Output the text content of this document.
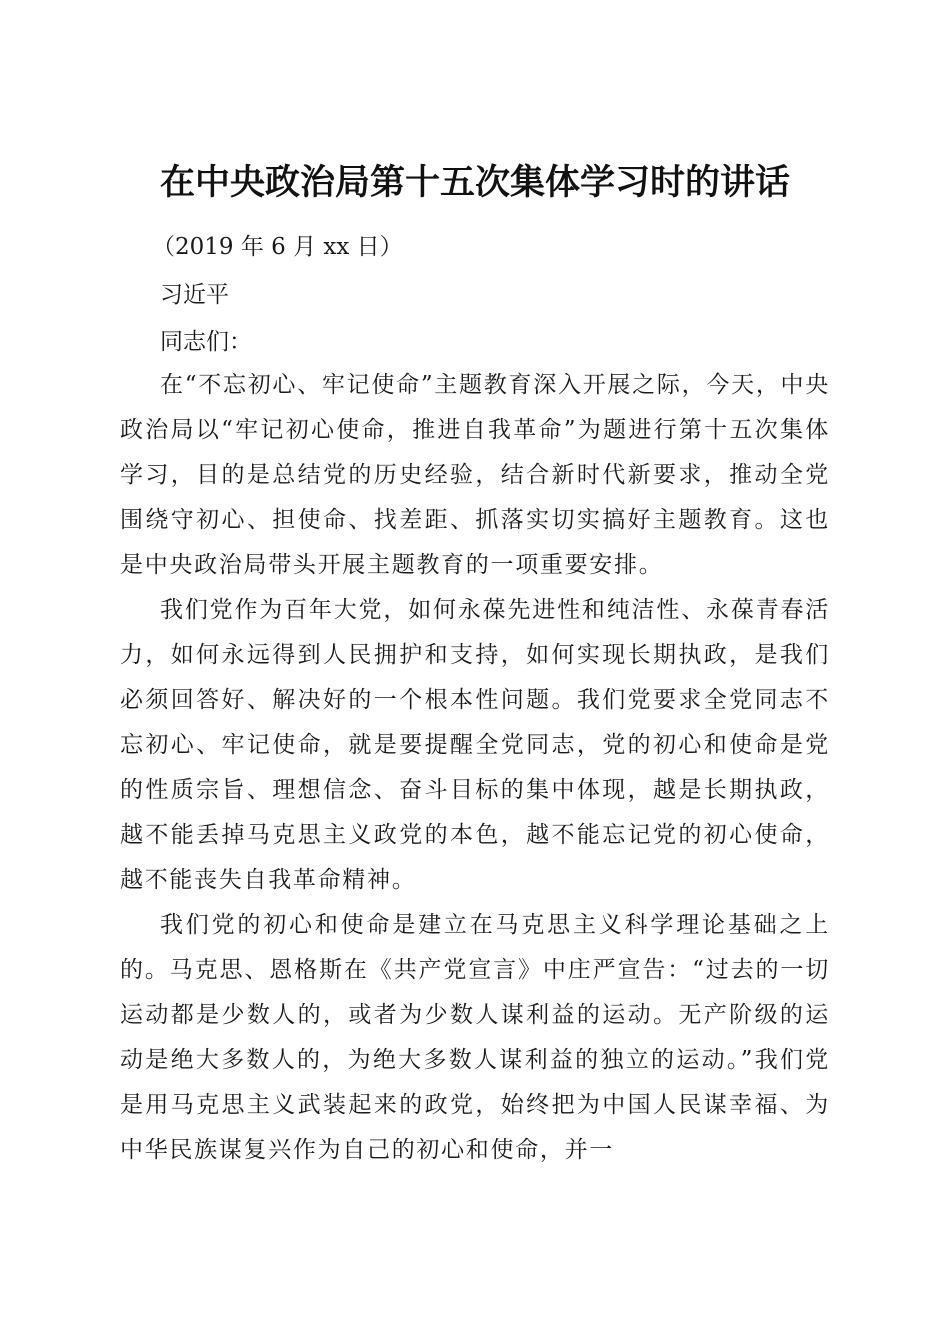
在中央政治局第十五次集体学习时的讲话
（2019 年 6 月 xx 日）
习近平
同志们：

在“不忘初心、牢记使命”主题教育深入开展之际，今天，中央政治局以“牢记初心使命，推进自我革命”为题进行第十五次集体学习，目的是总结党的历史经验，结合新时代新要求，推动全党围绕守初心、担使命、找差距、抓落实切实搞好主题教育。这也是中央政治局带头开展主题教育的一项重要安排。

我们党作为百年大党，如何永葆先进性和纯洁性、永葆青春活力，如何永远得到人民拥护和支持，如何实现长期执政，是我们必须回答好、解决好的一个根本性问题。我们党要求全党同志不忘初心、牢记使命，就是要提醒全党同志，党的初心和使命是党的性质宗旨、理想信念、奋斗目标的集中体现，越是长期执政，越不能丢掉马克思主义政党的本色，越不能忘记党的初心使命，越不能丧失自我革命精神。

我们党的初心和使命是建立在马克思主义科学理论基础之上的。马克思、恩格斯在《共产党宣言》中庄严宣告：“过去的一切运动都是少数人的，或者为少数人谋利益的运动。无产阶级的运动是绝大多数人的，为绝大多数人谋利益的独立的运动。”我们党是用马克思主义武装起来的政党，始终把为中国人民谋幸福、为中华民族谋复兴作为自己的初心和使命，并一
